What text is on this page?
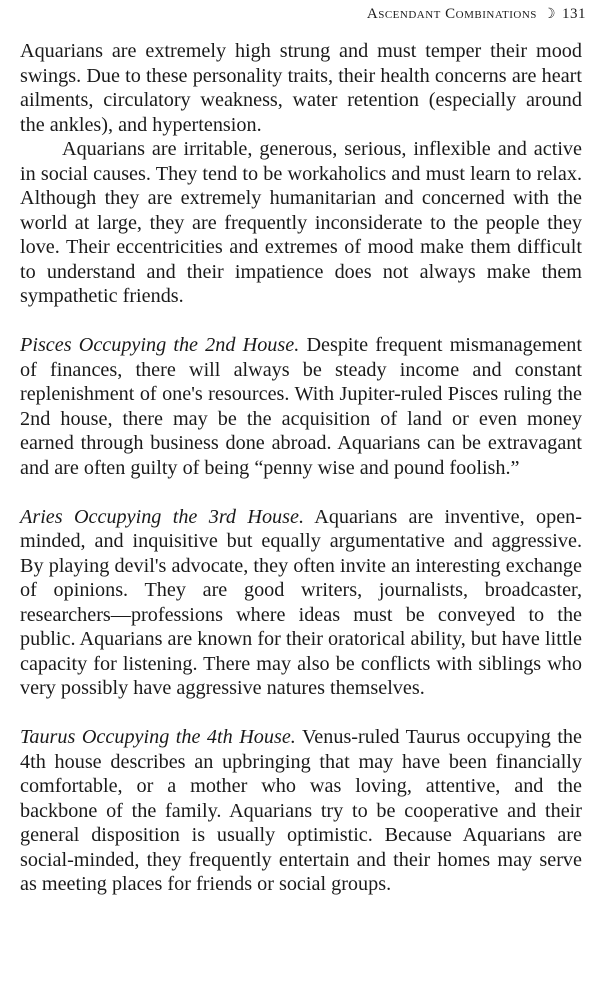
Ascendant Combinations ☽ 131

Aquarians are extremely high strung and must temper their mood swings. Due to these personality traits, their health concerns are heart ailments, circulatory weakness, water retention (especially around the ankles), and hypertension.

Aquarians are irritable, generous, serious, inflexible and active in social causes. They tend to be workaholics and must learn to relax. Although they are extremely humanitarian and concerned with the world at large, they are frequently inconsiderate to the people they love. Their eccentricities and extremes of mood make them difficult to understand and their impatience does not always make them sympathetic friends.

Pisces Occupying the 2nd House. Despite frequent mismanagement of finances, there will always be steady income and constant replenishment of one's resources. With Jupiter-ruled Pisces ruling the 2nd house, there may be the acquisition of land or even money earned through business done abroad. Aquarians can be extravagant and are often guilty of being “penny wise and pound foolish.”

Aries Occupying the 3rd House. Aquarians are inventive, open-minded, and inquisitive but equally argumentative and aggressive. By playing devil's advocate, they often invite an interesting exchange of opinions. They are good writers, journalists, broadcaster, researchers—professions where ideas must be conveyed to the public. Aquarians are known for their oratorical ability, but have little capacity for listening. There may also be conflicts with siblings who very possibly have aggressive natures themselves.

Taurus Occupying the 4th House. Venus-ruled Taurus occupying the 4th house describes an upbringing that may have been financially comfortable, or a mother who was loving, attentive, and the backbone of the family. Aquarians try to be cooperative and their general disposition is usually optimistic. Because Aquarians are social-minded, they frequently entertain and their homes may serve as meeting places for friends or social groups.
